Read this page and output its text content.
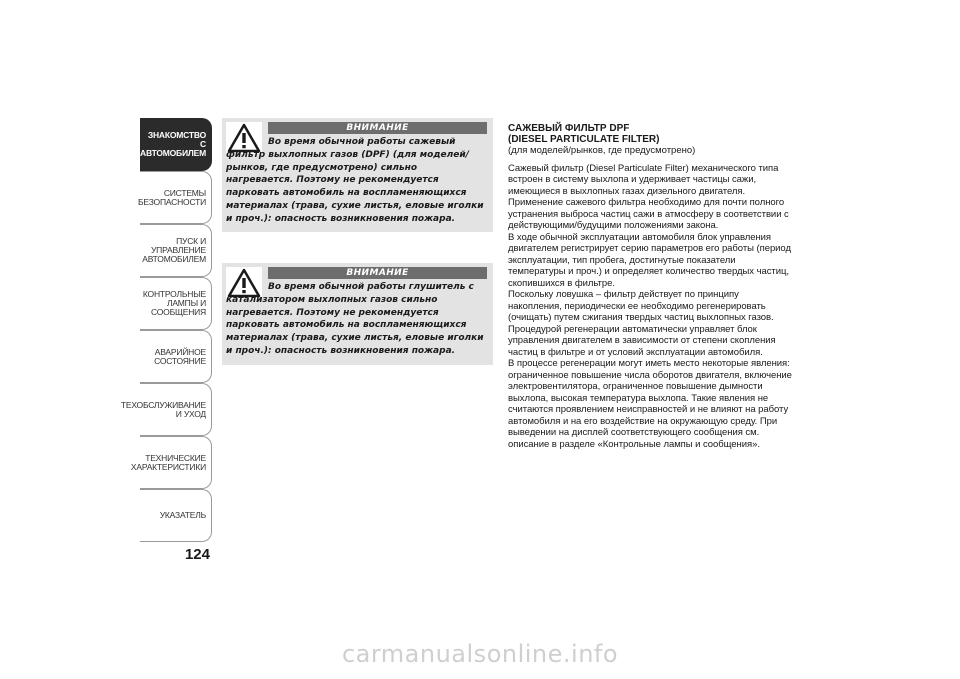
ЗНАКОМСТВО С
АВТОМОБИЛЕМ
СИСТЕМЫ
БЕЗОПАСНОСТИ
ПУСК И УПРАВЛЕНИЕ
АВТОМОБИЛЕМ
КОНТРОЛЬНЫЕ
ЛАМПЫ И
СООБЩЕНИЯ
АВАРИЙНОЕ
СОСТОЯНИЕ
ТЕХОБСЛУЖИВАНИЕ
И УХОД
ТЕХНИЧЕСКИЕ
ХАРАКТЕРИСТИКИ
УКАЗАТЕЛЬ
124
ВНИМАНИЕ
Во время обычной работы сажевый фильтр выхлопных газов (DPF) (для моделей/рынков, где предусмотрено) сильно нагревается. Поэтому не рекомендуется парковать автомобиль на воспламеняющихся материалах (трава, сухие листья, еловые иголки и проч.): опасность возникновения пожара.
ВНИМАНИЕ
Во время обычной работы глушитель с катализатором выхлопных газов сильно нагревается. Поэтому не рекомендуется парковать автомобиль на воспламеняющихся материалах (трава, сухие листья, еловые иголки и проч.): опасность возникновения пожара.

САЖЕВЫЙ ФИЛЬТР DPF
(DIESEL PARTICULATE FILTER)

(для моделей/рынков, где предусмотрено)

Сажевый фильтр (Diesel Particulate Filter) механического типа встроен в систему выхлопа и удерживает частицы сажи, имеющиеся в выхлопных газах дизельного двигателя.

Применение сажевого фильтра необходимо для почти полного устранения выброса частиц сажи в атмосферу в соответствии с действующими/будущими положениями закона.

В ходе обычной эксплуатации автомобиля блок управления двигателем регистрирует серию параметров его работы (период эксплуатации, тип пробега, достигнутые показатели температуры и проч.) и определяет количество твердых частиц, скопившихся в фильтре.

Поскольку ловушка – фильтр действует по принципу накопления, периодически ее необходимо регенерировать (очищать) путем сжигания твердых частиц выхлопных газов.

Процедурой регенерации автоматически управляет блок управления двигателем в зависимости от степени скопления частиц в фильтре и от условий эксплуатации автомобиля.

В процессе регенерации могут иметь место некоторые явления: ограниченное повышение числа оборотов двигателя, включение электровентилятора, ограниченное повышение дымности выхлопа, высокая температура выхлопа. Такие явления не считаются проявлением неисправностей и не влияют на работу автомобиля и на его воздействие на окружающую среду. При выведении на дисплей соответствующего сообщения см. описание в разделе «Контрольные лампы и сообщения».

carmanualsonline.info
